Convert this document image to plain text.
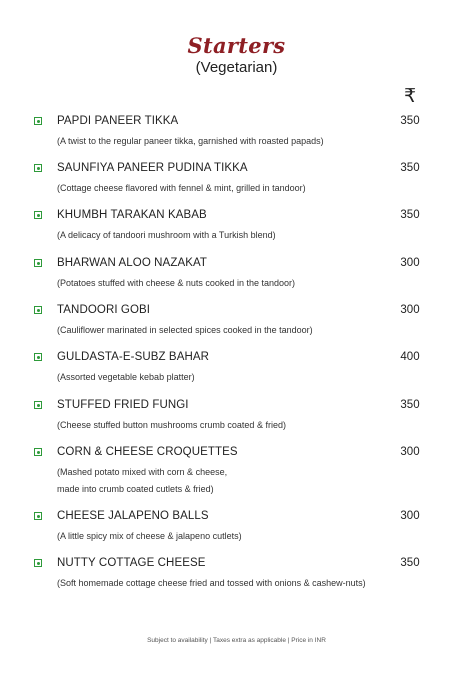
Starters
(Vegetarian)
₹
PAPDI PANEER TIKKA
(A twist to the regular paneer tikka, garnished with roasted papads)
350
SAUNFIYA PANEER PUDINA TIKKA
(Cottage cheese flavored with fennel & mint, grilled in tandoor)
350
KHUMBH TARAKAN KABAB
(A delicacy of tandoori mushroom with a Turkish blend)
350
BHARWAN ALOO NAZAKAT
(Potatoes stuffed with cheese & nuts cooked in the tandoor)
300
TANDOORI GOBI
(Cauliflower marinated in selected spices cooked in the tandoor)
300
GULDASTA-E-SUBZ BAHAR
(Assorted vegetable kebab platter)
400
STUFFED FRIED FUNGI
(Cheese stuffed button mushrooms crumb coated & fried)
350
CORN & CHEESE CROQUETTES
(Mashed potato mixed with corn & cheese,
made into crumb coated cutlets & fried)
300
CHEESE JALAPENO BALLS
(A little spicy mix of cheese & jalapeno cutlets)
300
NUTTY COTTAGE CHEESE
(Soft homemade cottage cheese fried and tossed with onions & cashew-nuts)
350
Subject to availability | Taxes extra as applicable | Price in INR
